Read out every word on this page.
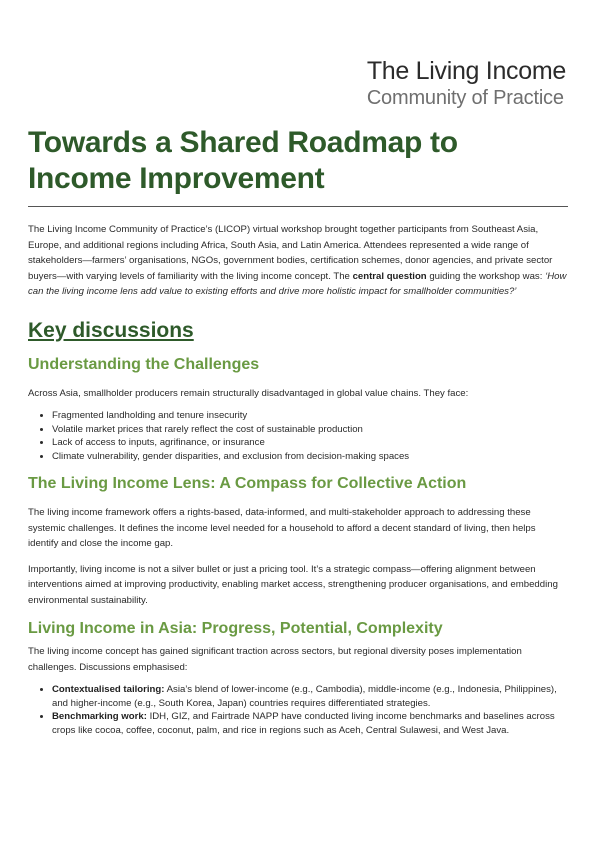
The Living Income
Community of Practice
Towards a Shared Roadmap to Income Improvement

The Living Income Community of Practice’s (LICOP) virtual workshop brought together participants from Southeast Asia, Europe, and additional regions including Africa, South Asia, and Latin America. Attendees represented a wide range of stakeholders—farmers’ organisations, NGOs, government bodies, certification schemes, donor agencies, and private sector buyers—with varying levels of familiarity with the living income concept. The central question guiding the workshop was: ‘How can the living income lens add value to existing efforts and drive more holistic impact for smallholder communities?’

Key discussions
Understanding the Challenges

Across Asia, smallholder producers remain structurally disadvantaged in global value chains. They face:

• Fragmented landholding and tenure insecurity
• Volatile market prices that rarely reflect the cost of sustainable production
• Lack of access to inputs, agrifinance, or insurance
• Climate vulnerability, gender disparities, and exclusion from decision-making spaces
The Living Income Lens: A Compass for Collective Action

The living income framework offers a rights-based, data-informed, and multi-stakeholder approach to addressing these systemic challenges. It defines the income level needed for a household to afford a decent standard of living, then helps identify and close the income gap.

Importantly, living income is not a silver bullet or just a pricing tool. It’s a strategic compass—offering alignment between interventions aimed at improving productivity, enabling market access, strengthening producer organisations, and embedding environmental sustainability.

Living Income in Asia: Progress, Potential, Complexity

The living income concept has gained significant traction across sectors, but regional diversity poses implementation challenges. Discussions emphasised:

• Contextualised tailoring: Asia’s blend of lower-income (e.g., Cambodia), middle-income (e.g., Indonesia, Philippines), and higher-income (e.g., South Korea, Japan) countries requires differentiated strategies.
• Benchmarking work: IDH, GIZ, and Fairtrade NAPP have conducted living income benchmarks and baselines across crops like cocoa, coffee, coconut, palm, and rice in regions such as Aceh, Central Sulawesi, and West Java.
